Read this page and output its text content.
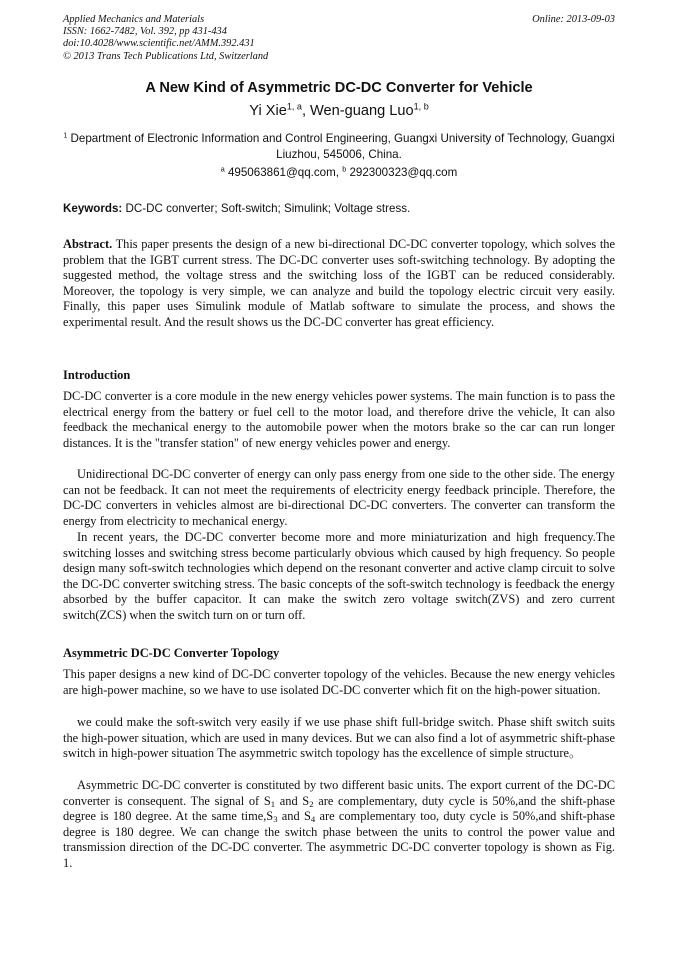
Applied Mechanics and Materials
ISSN: 1662-7482, Vol. 392, pp 431-434
doi:10.4028/www.scientific.net/AMM.392.431
© 2013 Trans Tech Publications Ltd, Switzerland
Online: 2013-09-03
A New Kind of Asymmetric DC-DC Converter for Vehicle
Yi Xie$^{1, a}$, Wen-guang Luo$^{1, b}$
$^1$ Department of Electronic Information and Control Engineering, Guangxi University of Technology, Guangxi Liuzhou, 545006, China.
$^a$ 495063861@qq.com, $^b$ 292300323@qq.com
Keywords: DC-DC converter; Soft-switch; Simulink; Voltage stress.
Abstract. This paper presents the design of a new bi-directional DC-DC converter topology, which solves the problem that the IGBT current stress. The DC-DC converter uses soft-switching technology. By adopting the suggested method, the voltage stress and the switching loss of the IGBT can be reduced considerably. Moreover, the topology is very simple, we can analyze and build the topology electric circuit very easily. Finally, this paper uses Simulink module of Matlab software to simulate the process, and shows the experimental result. And the result shows us the DC-DC converter has great efficiency.
Introduction
DC-DC converter is a core module in the new energy vehicles power systems. The main function is to pass the electrical energy from the battery or fuel cell to the motor load, and therefore drive the vehicle, It can also feedback the mechanical energy to the automobile power when the motors brake so the car can run longer distances. It is the "transfer station" of new energy vehicles power and energy.
Unidirectional DC-DC converter of energy can only pass energy from one side to the other side. The energy can not be feedback. It can not meet the requirements of electricity energy feedback principle. Therefore, the DC-DC converters in vehicles almost are bi-directional DC-DC converters. The converter can transform the energy from electricity to mechanical energy.
In recent years, the DC-DC converter become more and more miniaturization and high frequency.The switching losses and switching stress become particularly obvious which caused by high frequency. So people design many soft-switch technologies which depend on the resonant converter and active clamp circuit to solve the DC-DC converter switching stress. The basic concepts of the soft-switch technology is feedback the energy absorbed by the buffer capacitor. It can make the switch zero voltage switch(ZVS) and zero current switch(ZCS) when the switch turn on or turn off.
Asymmetric DC-DC Converter Topology
This paper designs a new kind of DC-DC converter topology of the vehicles. Because the new energy vehicles are high-power machine, so we have to use isolated DC-DC converter which fit on the high-power situation.
we could make the soft-switch very easily if we use phase shift full-bridge switch. Phase shift switch suits the high-power situation, which are used in many devices. But we can also find a lot of asymmetric shift-phase switch in high-power situation The asymmetric switch topology has the excellence of simple structure。
Asymmetric DC-DC converter is constituted by two different basic units. The export current of the DC-DC converter is consequent. The signal of $S_1$ and $S_2$ are complementary, duty cycle is 50%,and the shift-phase degree is 180 degree. At the same $time,S_3$ and $S_4$ are complementary too, duty cycle is 50%,and shift-phase degree is 180 degree. We can change the switch phase between the units to control the power value and transmission direction of the DC-DC converter. The asymmetric DC-DC converter topology is shown as Fig. 1.
